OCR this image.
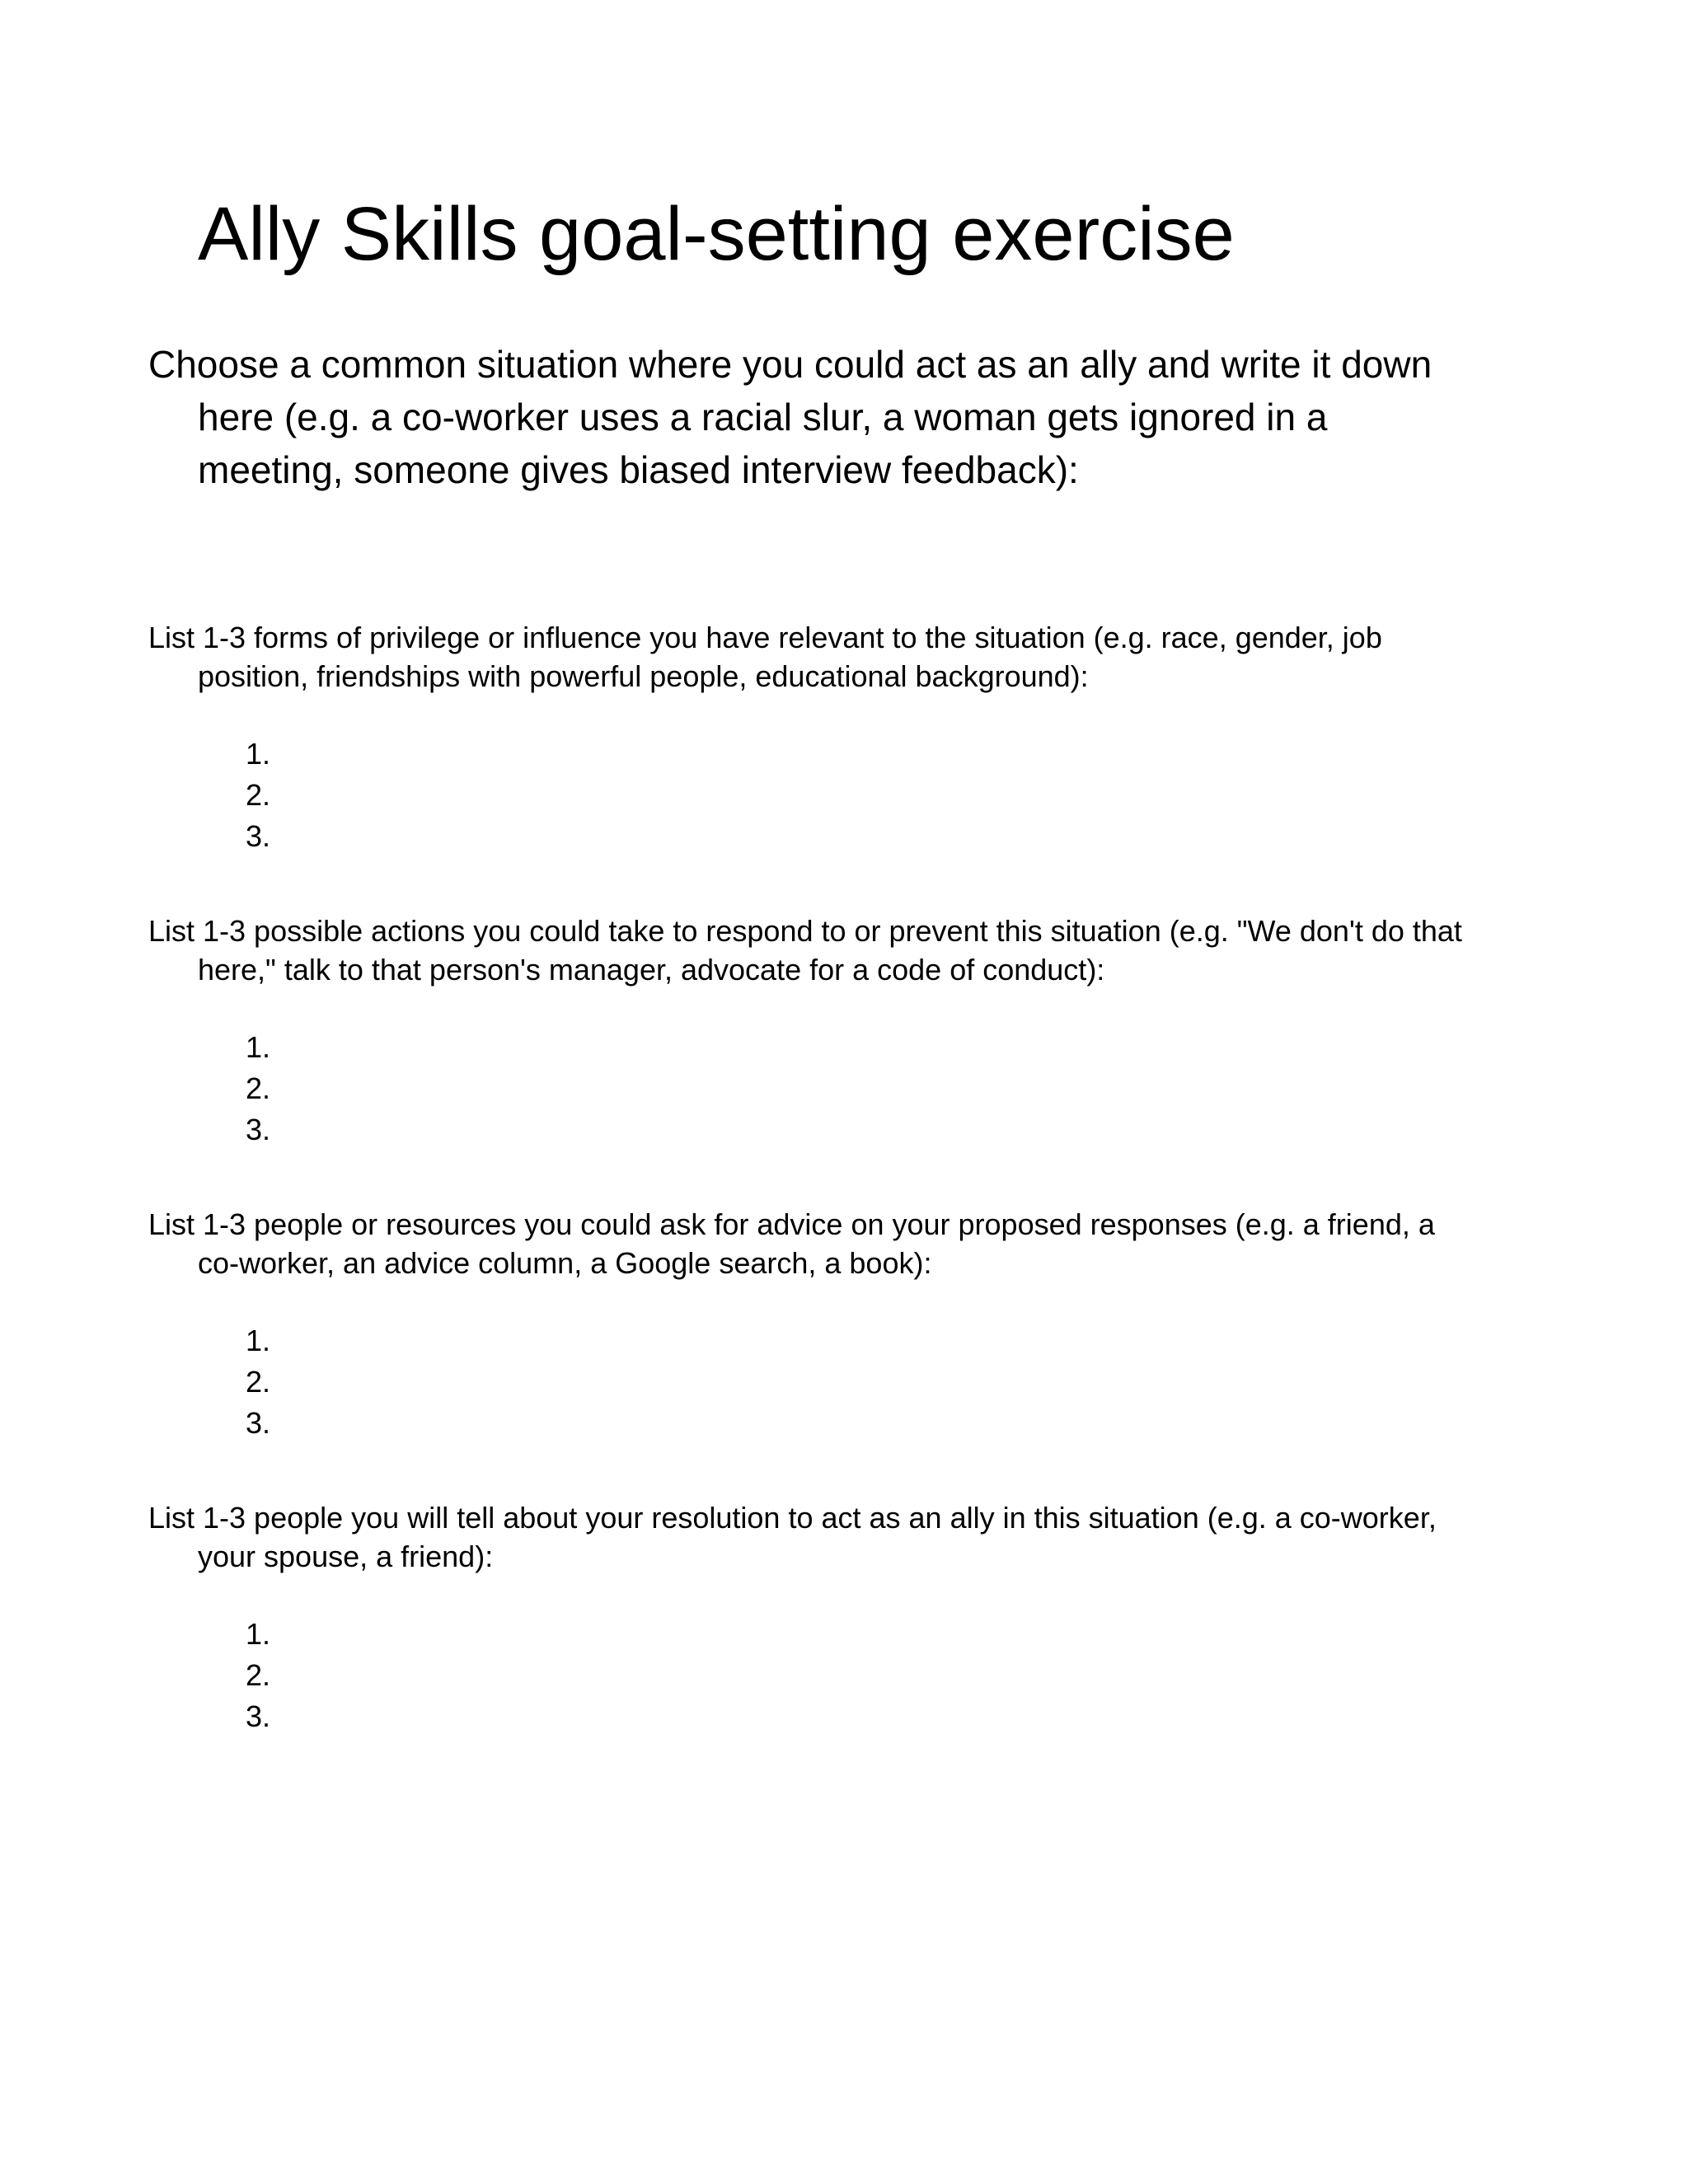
Ally Skills goal-setting exercise

Choose a common situation where you could act as an ally and write it down here (e.g. a co-worker uses a racial slur, a woman gets ignored in a meeting, someone gives biased interview feedback):

List 1-3 forms of privilege or influence you have relevant to the situation (e.g. race, gender, job position, friendships with powerful people, educational background):

1.
2.
3.

List 1-3 possible actions you could take to respond to or prevent this situation (e.g. "We don't do that here," talk to that person's manager, advocate for a code of conduct):

1.
2.
3.

List 1-3 people or resources you could ask for advice on your proposed responses (e.g. a friend, a co-worker, an advice column, a Google search, a book):

1.
2.
3.

List 1-3 people you will tell about your resolution to act as an ally in this situation (e.g. a co-worker, your spouse, a friend):

1.
2.
3.
